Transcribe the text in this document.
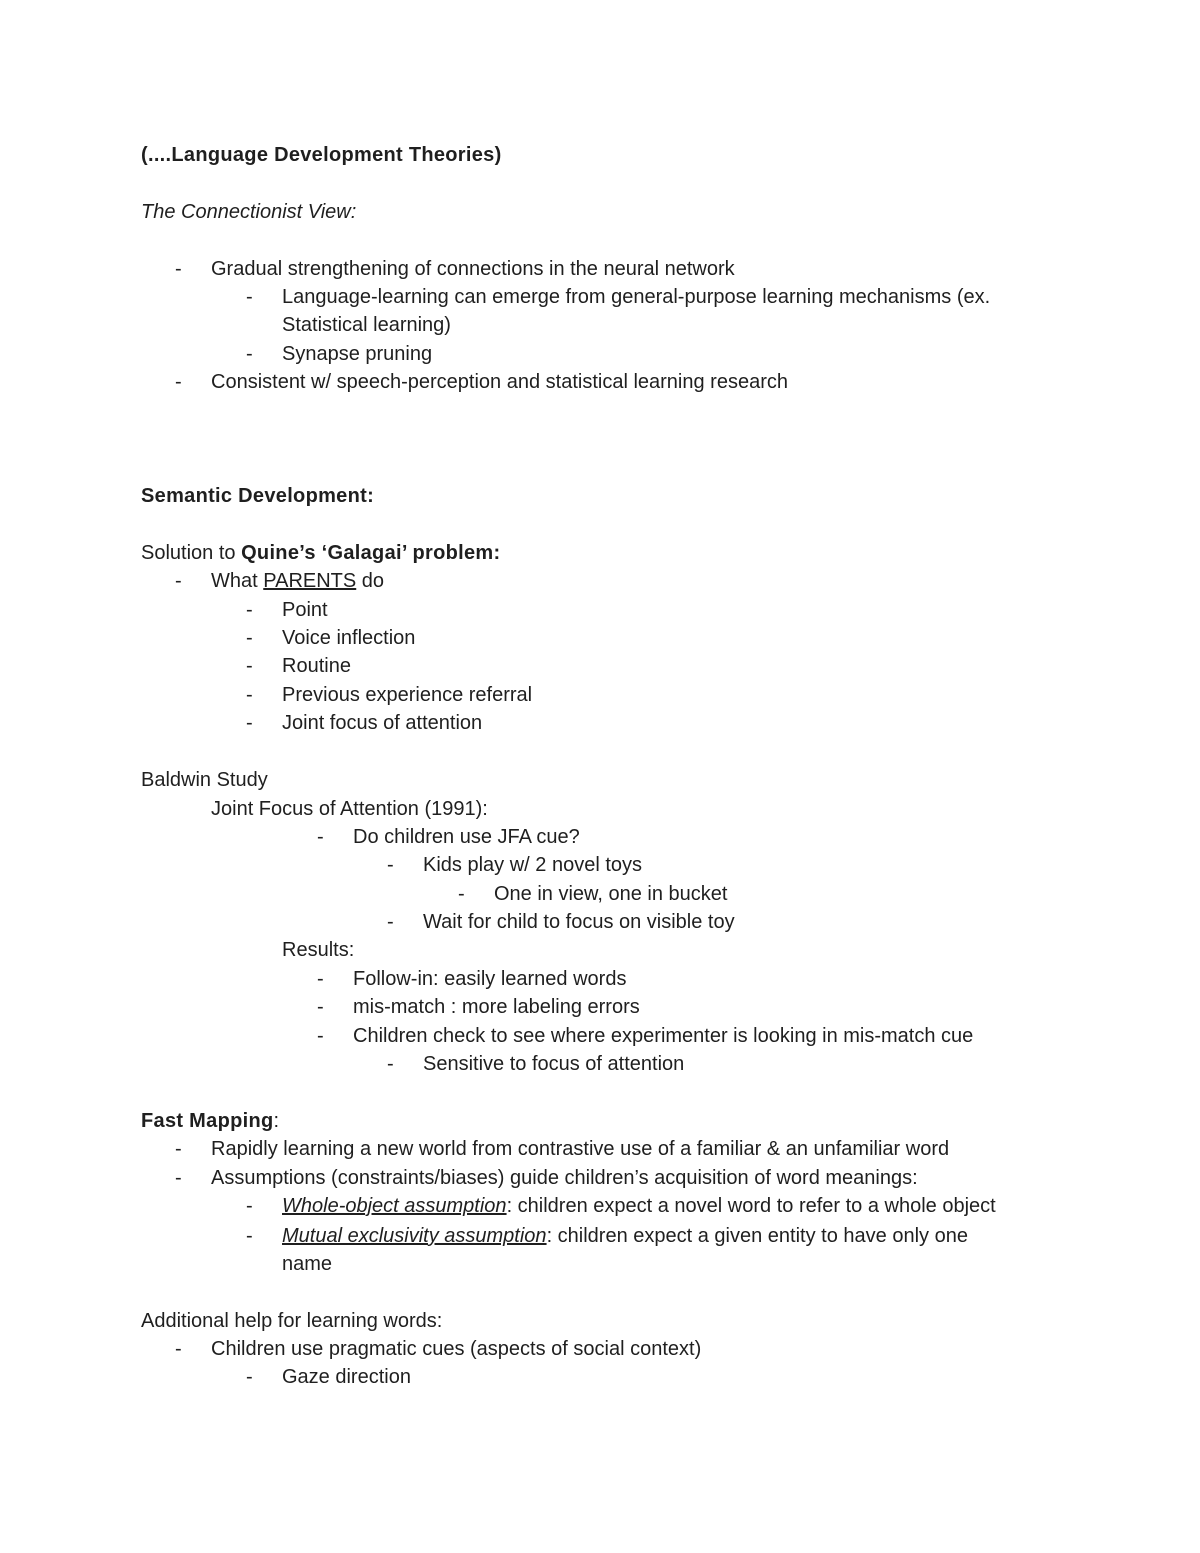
(....Language Development Theories)
The Connectionist View:
- Gradual strengthening of connections in the neural network
- Language-learning can emerge from general-purpose learning mechanisms (ex.
Statistical learning)
- Synapse pruning
- Consistent w/ speech-perception and statistical learning research
Semantic Development:
Solution to Quine’s ‘Galagai’ problem:
- What PARENTS do
- Point
- Voice inflection
- Routine
- Previous experience referral
- Joint focus of attention
Baldwin Study
Joint Focus of Attention (1991):
- Do children use JFA cue?
- Kids play w/ 2 novel toys
- One in view, one in bucket
- Wait for child to focus on visible toy
Results:
- Follow-in: easily learned words
- mis-match : more labeling errors
- Children check to see where experimenter is looking in mis-match cue
- Sensitive to focus of attention
Fast Mapping:
- Rapidly learning a new world from contrastive use of a familiar & an unfamiliar word
- Assumptions (constraints/biases) guide children’s acquisition of word meanings:
- Whole-object assumption: children expect a novel word to refer to a whole object
- Mutual exclusivity assumption: children expect a given entity to have only one
name
Additional help for learning words:
- Children use pragmatic cues (aspects of social context)
- Gaze direction
